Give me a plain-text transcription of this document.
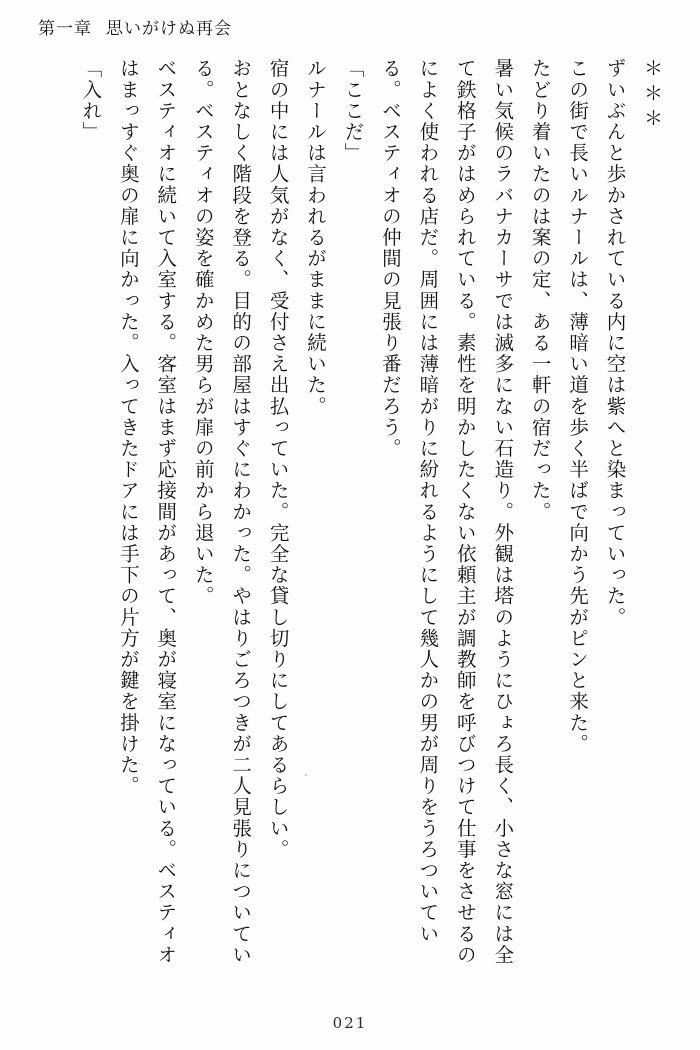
第一章 思いがけぬ再会

＊＊＊

ずいぶんと歩かされている内に空は紫へと染まっていった。

この街で長いルナールは、薄暗い道を歩く半ばで向かう先がピンと来た。

たどり着いたのは案の定、ある一軒の宿だった。

暑い気候のラバナカーサでは滅多にない石造り。外観は塔のようにひょろ長く、小さな窓には全て鉄格子がはめられている。素性を明かしたくない依頼主が調教師を呼びつけて仕事をさせるのによく使われる店だ。周囲には薄暗がりに紛れるようにして幾人かの男が周りをうろついている。ベスティオの仲間の見張り番だろう。

「ここだ」

ルナールは言われるがままに続いた。

宿の中には人気がなく、受付さえ出払っていた。完全な貸し切りにしてあるらしい。

おとなしく階段を登る。目的の部屋はすぐにわかった。やはりごろつきが二人見張りについている。ベスティオの姿を確かめた男らが扉の前から退いた。

ベスティオに続いて入室する。客室はまず応接間があって、奥が寝室になっている。ベスティオはまっすぐ奥の扉に向かった。入ってきたドアには手下の片方が鍵を掛けた。

「入れ」

021
